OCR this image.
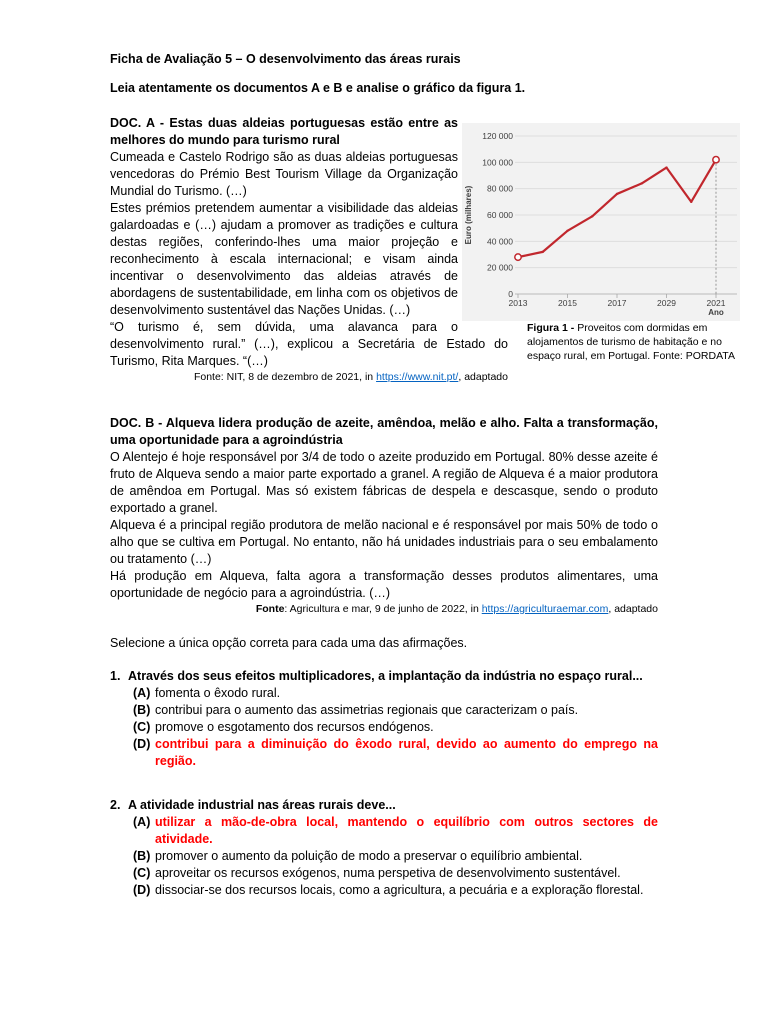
Ficha de Avaliação 5 – O desenvolvimento das áreas rurais

Leia atentamente os documentos A e B e analise o gráfico da figura 1.

0
20 000
40 000
60 000
80 000
100 000
120 000
2013	2015	2017	2029	2021
Ano
Euro (milhares)
Figura 1 - Proveitos com dormidas em alojamentos de turismo de habitação e no espaço rural, em Portugal. Fonte: PORDATA

DOC. A - Estas duas aldeias portuguesas estão entre as melhores do mundo para turismo rural

Cumeada e Castelo Rodrigo são as duas aldeias portuguesas vencedoras do Prémio Best Tourism Village da Organização Mundial do Turismo. (…)

Estes prémios pretendem aumentar a visibilidade das aldeias galardoadas e (…) ajudam a promover as tradições e cultura destas regiões, conferindo-lhes uma maior projeção e reconhecimento à escala internacional; e visam ainda incentivar o desenvolvimento das aldeias através de abordagens de sustentabilidade, em linha com os objetivos de desenvolvimento sustentável das Nações Unidas. (…)

“O turismo é, sem dúvida, uma alavanca para o desenvolvimento rural.” (…), explicou a Secretária de Estado do Turismo, Rita Marques. “(…)

Fonte: NIT, 8 de dezembro de 2021, in https://www.nit.pt/, adaptado

DOC. B - Alqueva lidera produção de azeite, amêndoa, melão e alho. Falta a transformação, uma oportunidade para a agroindústria

O Alentejo é hoje responsável por 3/4 de todo o azeite produzido em Portugal. 80% desse azeite é fruto de Alqueva sendo a maior parte exportado a granel. A região de Alqueva é a maior produtora de amêndoa em Portugal. Mas só existem fábricas de despela e descasque, sendo o produto exportado a granel.

Alqueva é a principal região produtora de melão nacional e é responsável por mais 50% de todo o alho que se cultiva em Portugal. No entanto, não há unidades industriais para o seu embalamento ou tratamento (…)

Há produção em Alqueva, falta agora a transformação desses produtos alimentares, uma oportunidade de negócio para a agroindústria. (…)

Fonte: Agricultura e mar, 9 de junho de 2022, in https://agriculturaemar.com, adaptado

Selecione a única opção correta para cada uma das afirmações.

1. Através dos seus efeitos multiplicadores, a implantação da indústria no espaço rural...
(A) fomenta o êxodo rural.
(B) contribui para o aumento das assimetrias regionais que caracterizam o país.
(C) promove o esgotamento dos recursos endógenos.
(D) contribui para a diminuição do êxodo rural, devido ao aumento do emprego na região.
2. A atividade industrial nas áreas rurais deve...
(A) utilizar a mão-de-obra local, mantendo o equilíbrio com outros sectores de atividade.
(B) promover o aumento da poluição de modo a preservar o equilíbrio ambiental.
(C) aproveitar os recursos exógenos, numa perspetiva de desenvolvimento sustentável.
(D) dissociar-se dos recursos locais, como a agricultura, a pecuária e a exploração florestal.
